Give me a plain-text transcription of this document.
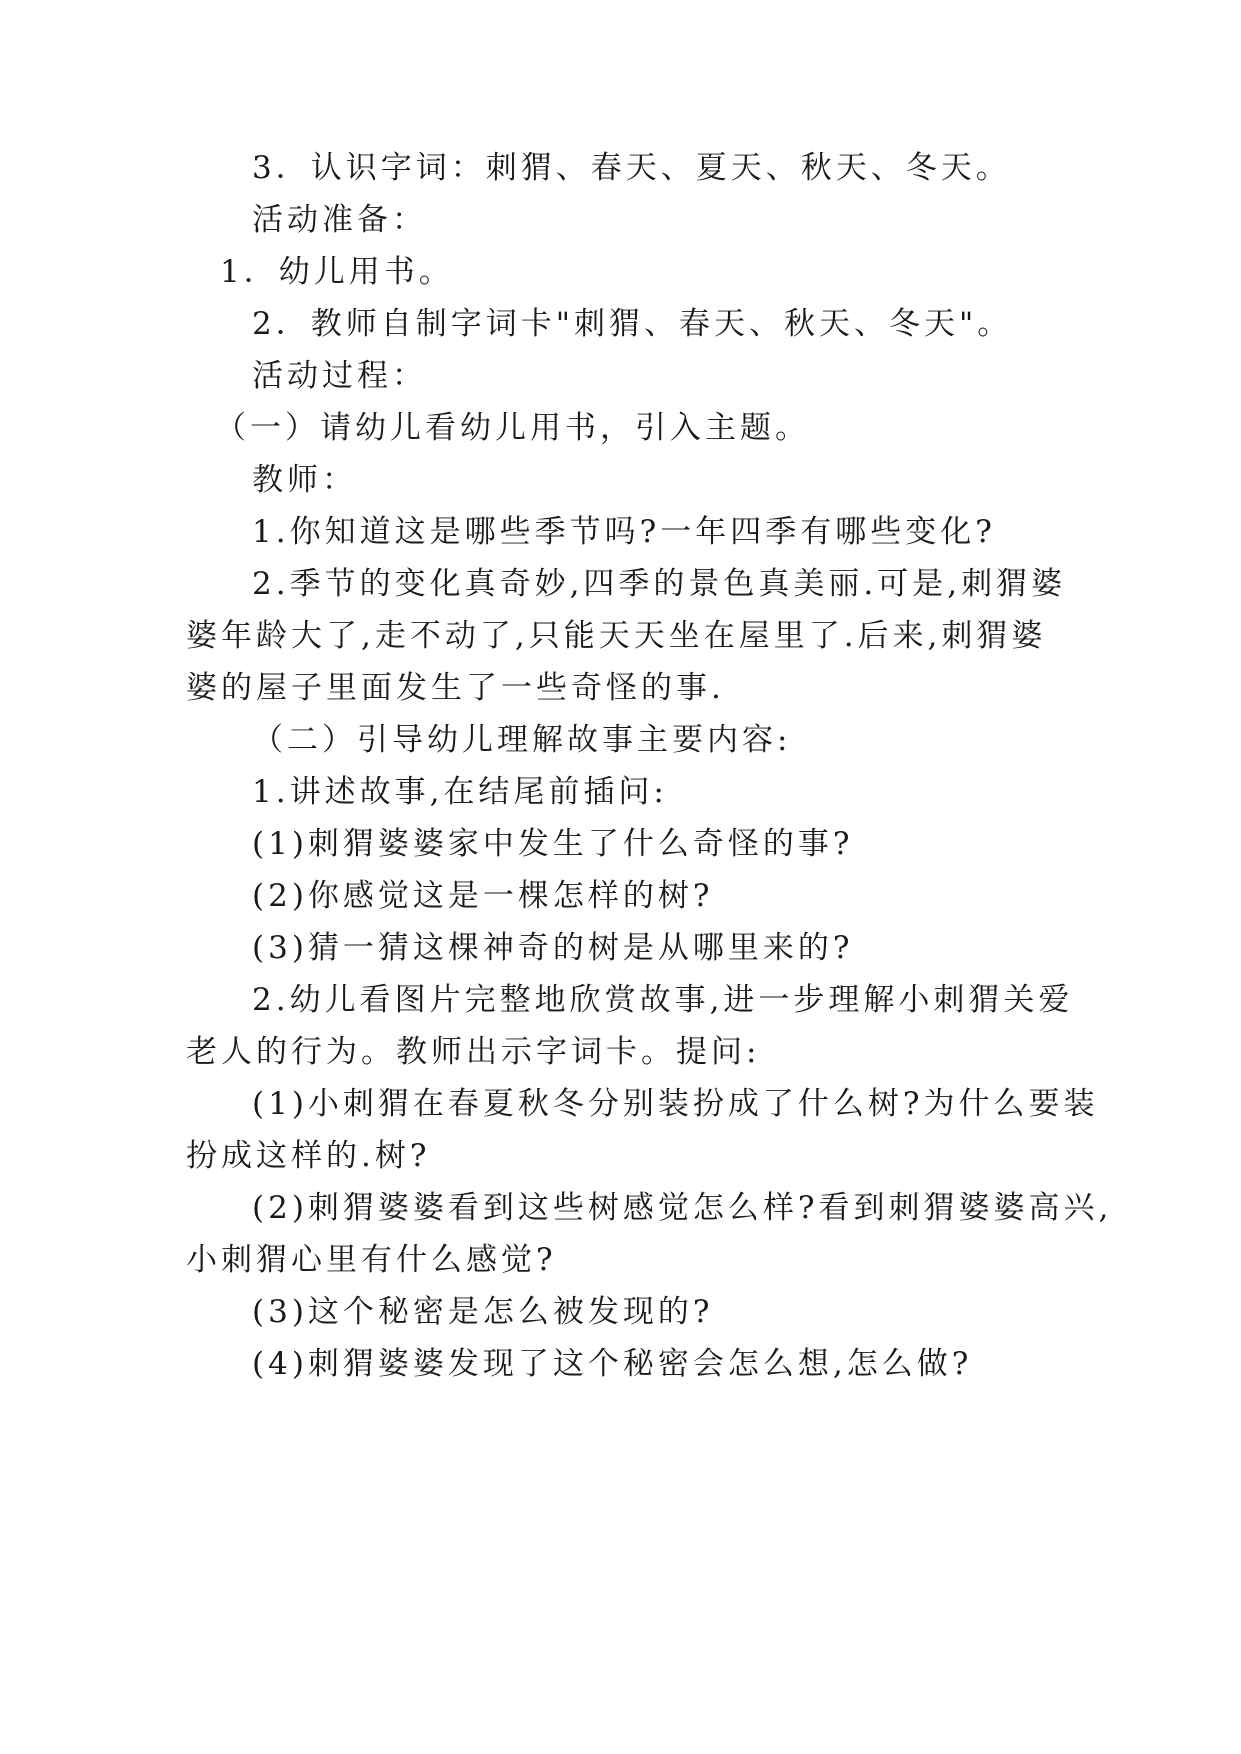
3．认识字词：刺猬、春天、夏天、秋天、冬天。
活动准备：
1．幼儿用书。
2．教师自制字词卡"刺猬、春天、秋天、冬天"。
活动过程：
（一）请幼儿看幼儿用书，引入主题。
教师：
1.你知道这是哪些季节吗?一年四季有哪些变化?
2.季节的变化真奇妙,四季的景色真美丽.可是,刺猬婆
婆年龄大了,走不动了,只能天天坐在屋里了.后来,刺猬婆
婆的屋子里面发生了一些奇怪的事.
（二）引导幼儿理解故事主要内容:
1.讲述故事,在结尾前插问:
(1)刺猬婆婆家中发生了什么奇怪的事?
(2)你感觉这是一棵怎样的树?
(3)猜一猜这棵神奇的树是从哪里来的?
2.幼儿看图片完整地欣赏故事,进一步理解小刺猬关爱
老人的行为。教师出示字词卡。提问:
(1)小刺猬在春夏秋冬分别装扮成了什么树?为什么要装
扮成这样的.树?
(2)刺猬婆婆看到这些树感觉怎么样?看到刺猬婆婆高兴,
小刺猬心里有什么感觉?
(3)这个秘密是怎么被发现的?
(4)刺猬婆婆发现了这个秘密会怎么想,怎么做?
